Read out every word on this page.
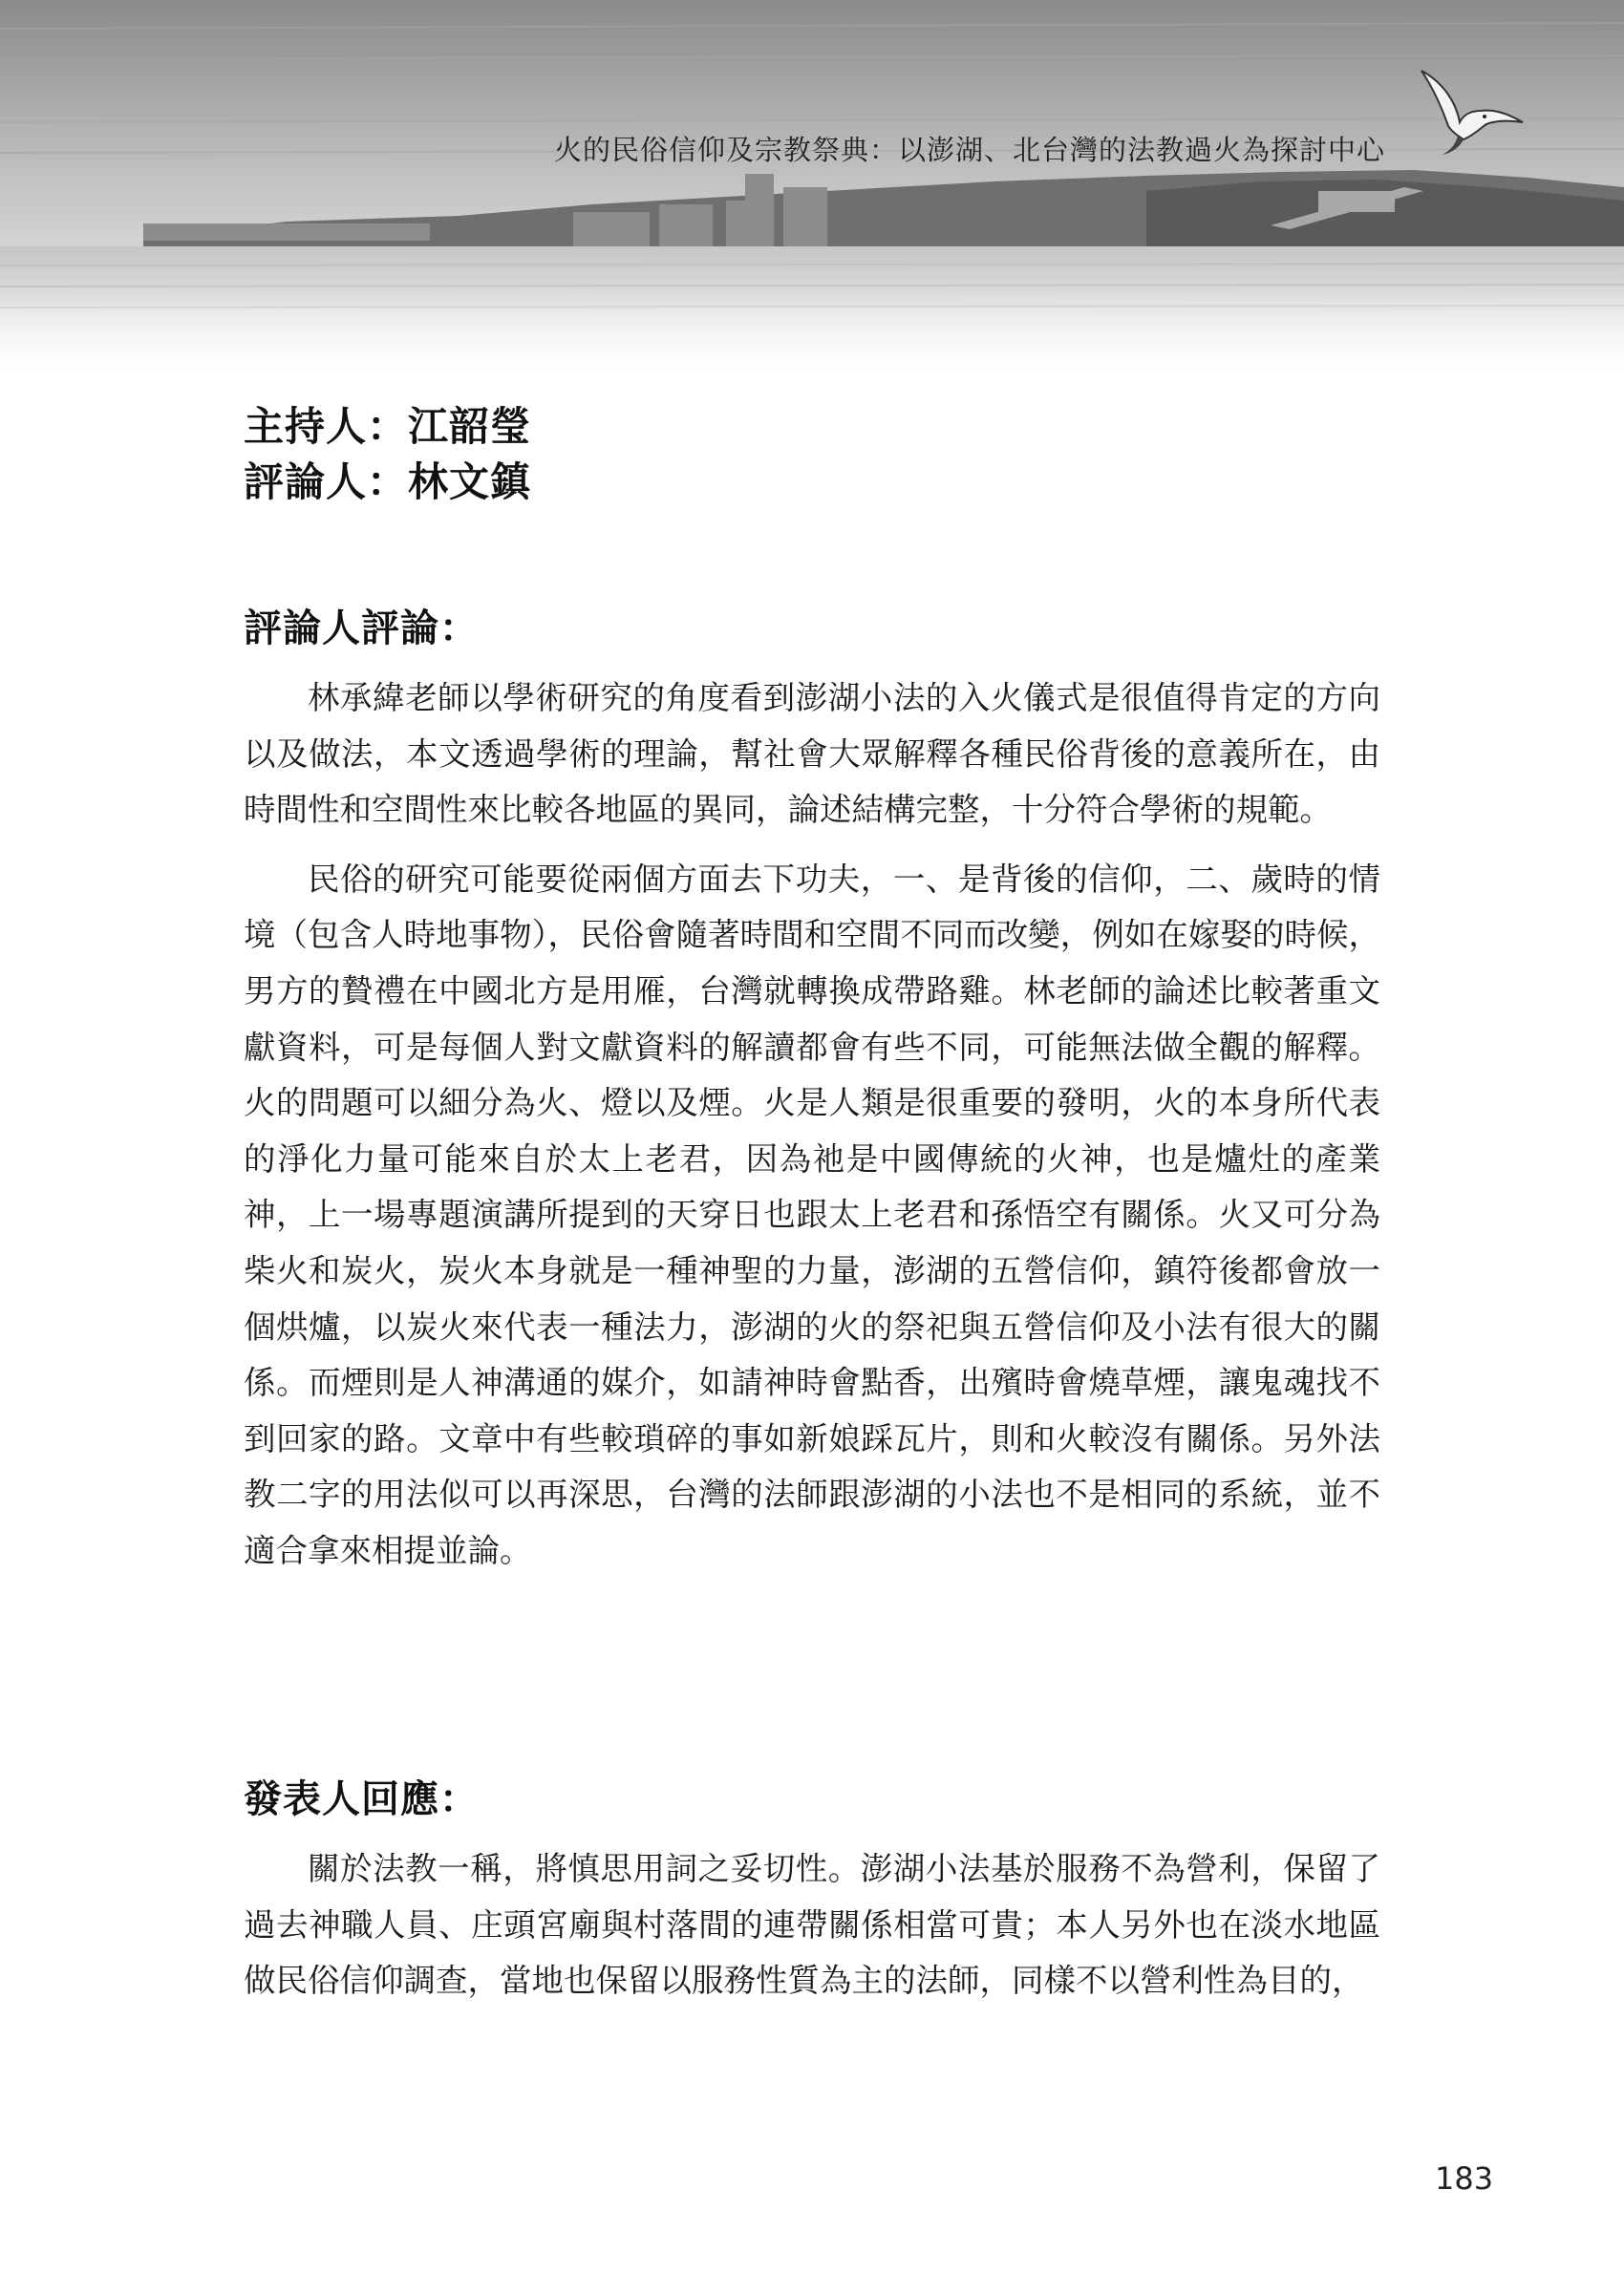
火的民俗信仰及宗教祭典：以澎湖、北台灣的法教過火為探討中心
主持人：江韶瑩
評論人：林文鎮
評論人評論：

林承緯老師以學術研究的角度看到澎湖小法的入火儀式是很值得肯定的方向以及做法，本文透過學術的理論，幫社會大眾解釋各種民俗背後的意義所在，由時間性和空間性來比較各地區的異同，論述結構完整，十分符合學術的規範。

民俗的研究可能要從兩個方面去下功夫，一、是背後的信仰，二、歲時的情境（包含人時地事物），民俗會隨著時間和空間不同而改變，例如在嫁娶的時候，男方的贄禮在中國北方是用雁，台灣就轉換成帶路雞。林老師的論述比較著重文獻資料，可是每個人對文獻資料的解讀都會有些不同，可能無法做全觀的解釋。火的問題可以細分為火、燈以及煙。火是人類是很重要的發明，火的本身所代表的淨化力量可能來自於太上老君，因為祂是中國傳統的火神，也是爐灶的產業神，上一場專題演講所提到的天穿日也跟太上老君和孫悟空有關係。火又可分為柴火和炭火，炭火本身就是一種神聖的力量，澎湖的五營信仰，鎮符後都會放一個烘爐，以炭火來代表一種法力，澎湖的火的祭祀與五營信仰及小法有很大的關係。而煙則是人神溝通的媒介，如請神時會點香，出殯時會燒草煙，讓鬼魂找不到回家的路。文章中有些較瑣碎的事如新娘踩瓦片，則和火較沒有關係。另外法教二字的用法似可以再深思，台灣的法師跟澎湖的小法也不是相同的系統，並不適合拿來相提並論。

發表人回應：

關於法教一稱，將慎思用詞之妥切性。澎湖小法基於服務不為營利，保留了過去神職人員、庄頭宮廟與村落間的連帶關係相當可貴；本人另外也在淡水地區做民俗信仰調查，當地也保留以服務性質為主的法師，同樣不以營利性為目的，

183
